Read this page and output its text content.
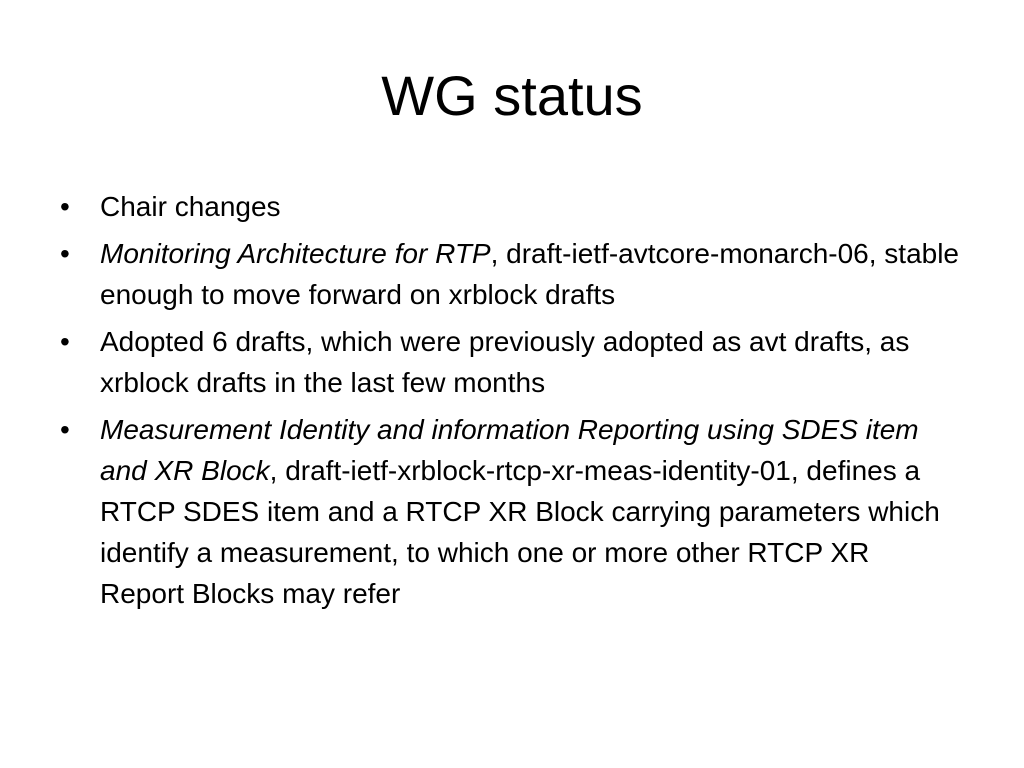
WG status
•	Chair changes
•	Monitoring Architecture for RTP, draft-ietf-avtcore-monarch-06, stable enough to move forward on xrblock drafts
•	Adopted 6 drafts, which were previously adopted as avt drafts, as xrblock drafts in the last few months
•	Measurement Identity and information Reporting using SDES item and XR Block, draft-ietf-xrblock-rtcp-xr-meas-identity-01, defines a RTCP SDES item and a RTCP XR Block carrying parameters which identify a measurement, to which one or more other RTCP XR Report Blocks may refer
